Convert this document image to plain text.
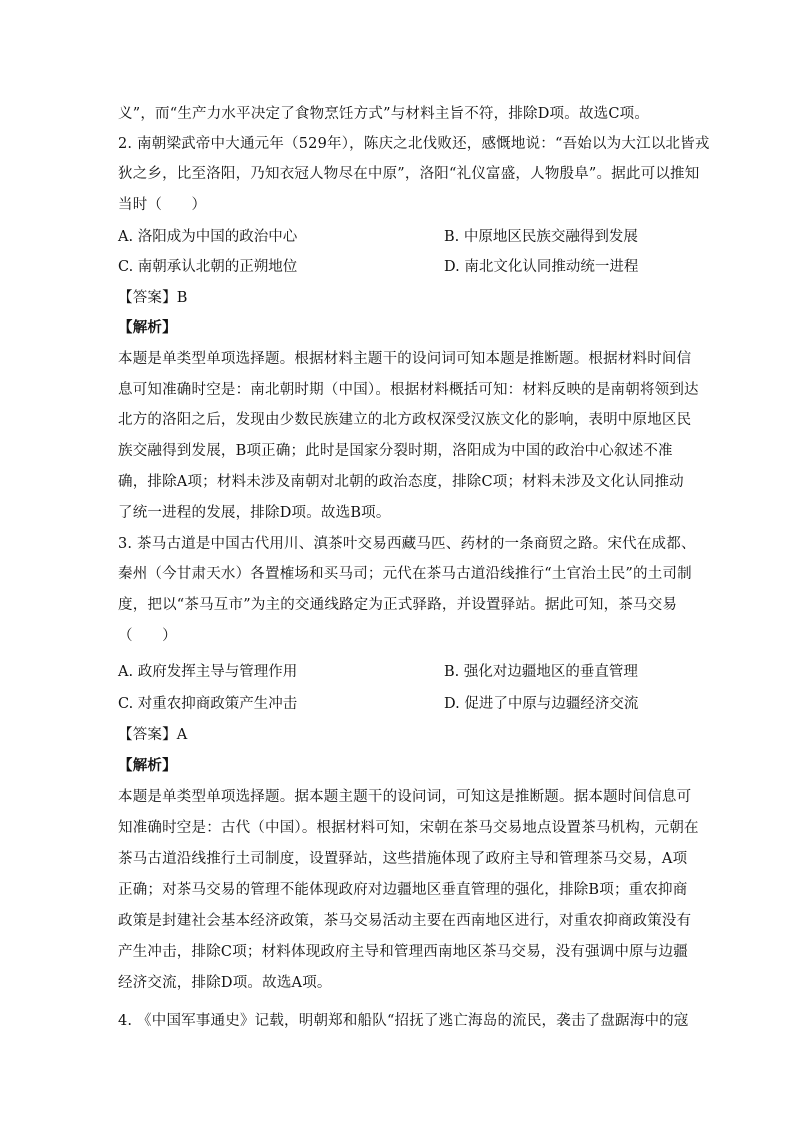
义”，而“生产力水平决定了食物烹饪方式”与材料主旨不符，排除D项。故选C项。
2. 南朝梁武帝中大通元年（529年），陈庆之北伐败还，感慨地说：“吾始以为大江以北皆戎
狄之乡，比至洛阳，乃知衣冠人物尽在中原”，洛阳“礼仪富盛，人物殷阜”。据此可以推知
当时（　　）
A. 洛阳成为中国的政治中心	B. 中原地区民族交融得到发展
C. 南朝承认北朝的正朔地位	D. 南北文化认同推动统一进程
【答案】B
【解析】
本题是单类型单项选择题。根据材料主题干的设问词可知本题是推断题。根据材料时间信
息可知准确时空是：南北朝时期（中国）。根据材料概括可知：材料反映的是南朝将领到达
北方的洛阳之后，发现由少数民族建立的北方政权深受汉族文化的影响，表明中原地区民
族交融得到发展，B项正确；此时是国家分裂时期，洛阳成为中国的政治中心叙述不准
确，排除A项；材料未涉及南朝对北朝的政治态度，排除C项；材料未涉及文化认同推动
了统一进程的发展，排除D项。故选B项。
3. 茶马古道是中国古代用川、滇茶叶交易西藏马匹、药材的一条商贸之路。宋代在成都、
秦州（今甘肃天水）各置榷场和买马司；元代在茶马古道沿线推行“土官治土民”的土司制
度，把以“茶马互市”为主的交通线路定为正式驿路，并设置驿站。据此可知，茶马交易
（　　）
A. 政府发挥主导与管理作用	B. 强化对边疆地区的垂直管理
C. 对重农抑商政策产生冲击	D. 促进了中原与边疆经济交流
【答案】A
【解析】
本题是单类型单项选择题。据本题主题干的设问词，可知这是推断题。据本题时间信息可
知准确时空是：古代（中国）。根据材料可知，宋朝在茶马交易地点设置茶马机构，元朝在
茶马古道沿线推行土司制度，设置驿站，这些措施体现了政府主导和管理茶马交易，A项
正确；对茶马交易的管理不能体现政府对边疆地区垂直管理的强化，排除B项；重农抑商
政策是封建社会基本经济政策，茶马交易活动主要在西南地区进行，对重农抑商政策没有
产生冲击，排除C项；材料体现政府主导和管理西南地区茶马交易，没有强调中原与边疆
经济交流，排除D项。故选A项。
4. 《中国军事通史》记载，明朝郑和船队“招抚了逃亡海岛的流民，袭击了盘踞海中的寇
